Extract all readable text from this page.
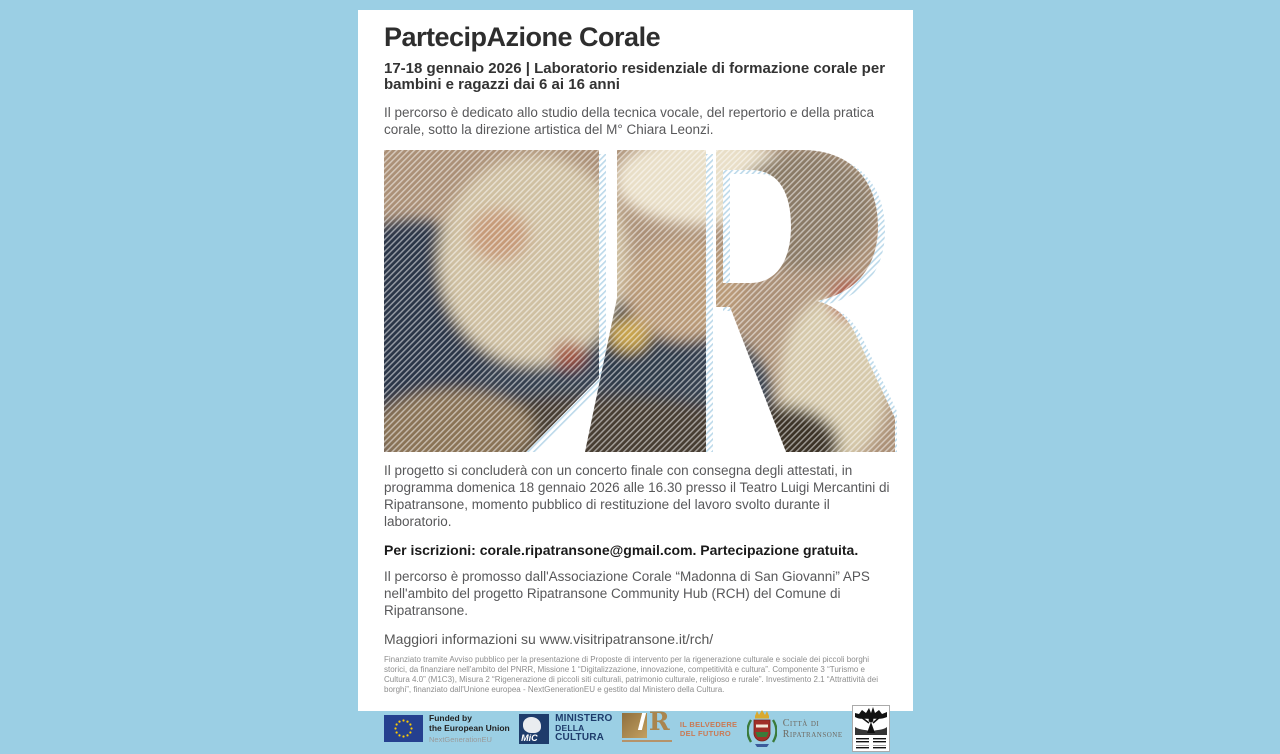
PartecipAzione Corale
17-18 gennaio 2026 | Laboratorio residenziale di formazione corale per bambini e ragazzi dai 6 ai 16 anni

Il percorso è dedicato allo studio della tecnica vocale, del repertorio e della pratica corale, sotto la direzione artistica del M° Chiara Leonzi.

Il progetto si concluderà con un concerto finale con consegna degli attestati, in programma domenica 18 gennaio 2026 alle 16.30 presso il Teatro Luigi Mercantini di Ripatransone, momento pubblico di restituzione del lavoro svolto durante il laboratorio.

Per iscrizioni: corale.ripatransone@gmail.com. Partecipazione gratuita.

Il percorso è promosso dall'Associazione Corale “Madonna di San Giovanni” APS nell'ambito del progetto Ripatransone Community Hub (RCH) del Comune di Ripatransone.

Maggiori informazioni su www.visitripatransone.it/rch/

Finanziato tramite Avviso pubblico per la presentazione di Proposte di intervento per la rigenerazione culturale e sociale dei piccoli borghi storici, da finanziare nell'ambito del PNRR, Missione 1 “Digitalizzazione, innovazione, competitività e cultura”. Componente 3 “Turismo e Cultura 4.0” (M1C3), Misura 2 “Rigenerazione di piccoli siti culturali, patrimonio culturale, religioso e rurale”. Investimento 2.1 “Attrattività dei borghi”, finanziato dall'Unione europea - NextGenerationEU e gestito dal Ministero della Cultura.

Funded by
the European Union
NextGenerationEU	MiC
MINISTERO
DELLA
CULTURA
R IL BELVEDERE
DEL FUTURO
Città di
Ripatransone
